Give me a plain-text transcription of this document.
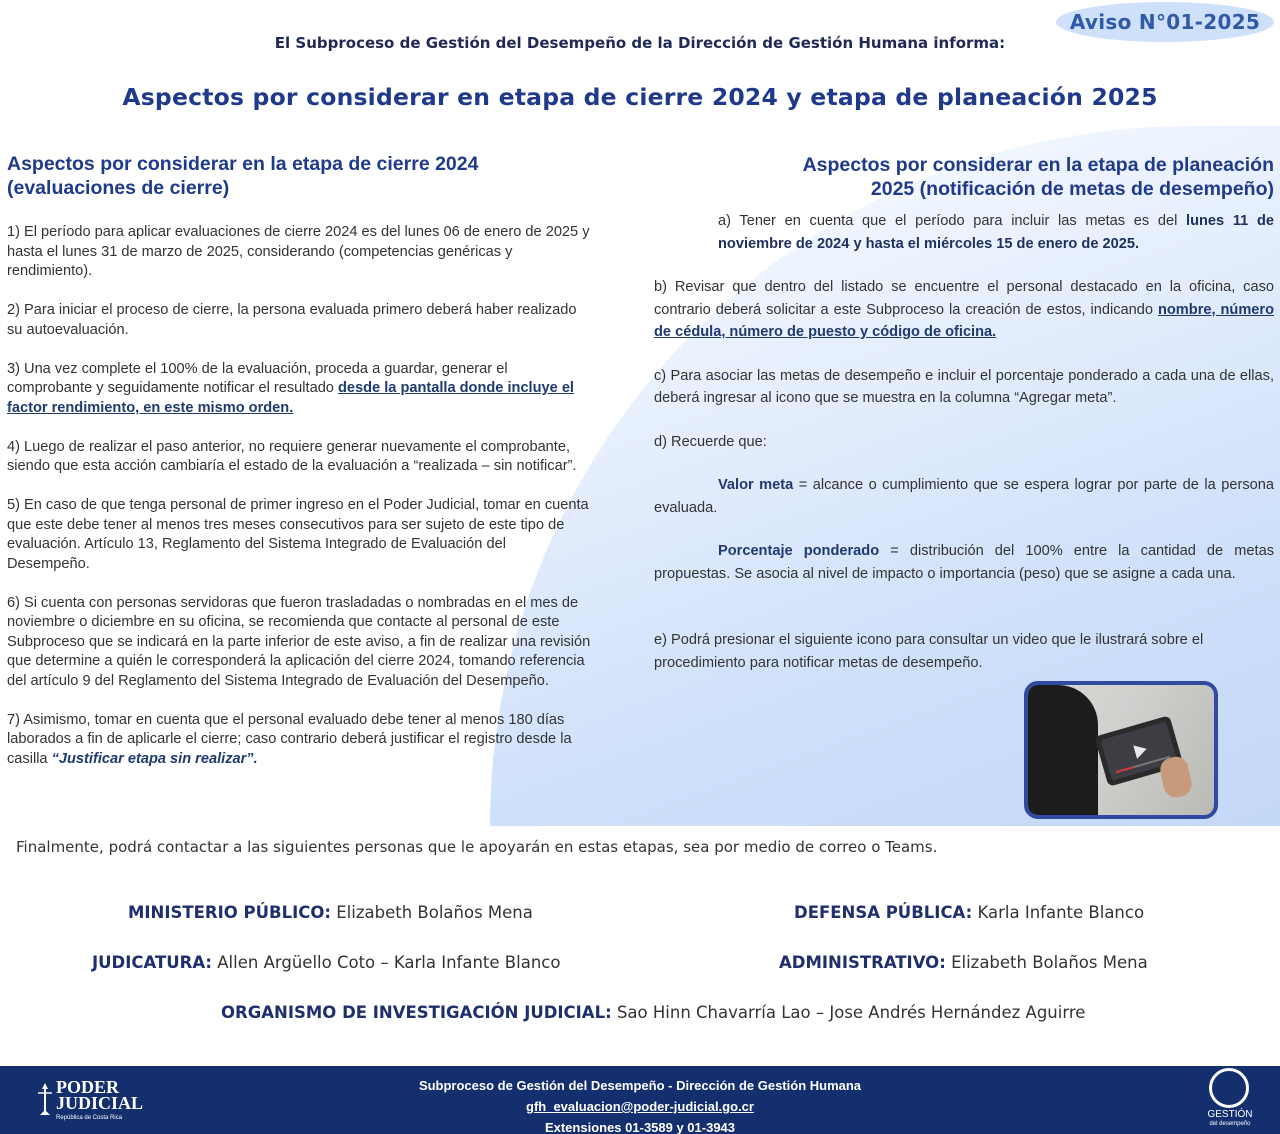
Aviso N°01-2025
El Subproceso de Gestión del Desempeño de la Dirección de Gestión Humana informa:
Aspectos por considerar en etapa de cierre 2024 y etapa de planeación 2025
Aspectos por considerar en la etapa de cierre 2024
(evaluaciones de cierre)

1) El período para aplicar evaluaciones de cierre 2024 es del lunes 06 de enero de 2025 y hasta el lunes 31 de marzo de 2025, considerando (competencias genéricas y rendimiento).

2) Para iniciar el proceso de cierre, la persona evaluada primero deberá haber realizado su autoevaluación.

3) Una vez complete el 100% de la evaluación, proceda a guardar, generar el comprobante y seguidamente notificar el resultado desde la pantalla donde incluye el factor rendimiento, en este mismo orden.

4) Luego de realizar el paso anterior, no requiere generar nuevamente el comprobante, siendo que esta acción cambiaría el estado de la evaluación a “realizada – sin notificar”.

5) En caso de que tenga personal de primer ingreso en el Poder Judicial, tomar en cuenta que este debe tener al menos tres meses consecutivos para ser sujeto de este tipo de evaluación. Artículo 13, Reglamento del Sistema Integrado de Evaluación del Desempeño.

6) Si cuenta con personas servidoras que fueron trasladadas o nombradas en el mes de noviembre o diciembre en su oficina, se recomienda que contacte al personal de este Subproceso que se indicará en la parte inferior de este aviso, a fin de realizar una revisión que determine a quién le corresponderá la aplicación del cierre 2024, tomando referencia del artículo 9 del Reglamento del Sistema Integrado de Evaluación del Desempeño.

7) Asimismo, tomar en cuenta que el personal evaluado debe tener al menos 180 días laborados a fin de aplicarle el cierre; caso contrario deberá justificar el registro desde la casilla “Justificar etapa sin realizar”.

Aspectos por considerar en la etapa de planeación
2025 (notificación de metas de desempeño)

a) Tener en cuenta que el período para incluir las metas es del lunes 11 de noviembre de 2024 y hasta el miércoles 15 de enero de 2025.

b) Revisar que dentro del listado se encuentre el personal destacado en la oficina, caso contrario deberá solicitar a este Subproceso la creación de estos, indicando nombre, número de cédula, número de puesto y código de oficina.

c) Para asociar las metas de desempeño e incluir el porcentaje ponderado a cada una de ellas, deberá ingresar al icono que se muestra en la columna “Agregar meta”.

d) Recuerde que:

Valor meta = alcance o cumplimiento que se espera lograr por parte de la persona evaluada.

Porcentaje ponderado = distribución del 100% entre la cantidad de metas propuestas. Se asocia al nivel de impacto o importancia (peso) que se asigne a cada una.

e) Podrá presionar el siguiente icono para consultar un video que le ilustrará sobre el procedimiento para notificar metas de desempeño.

Finalmente, podrá contactar a las siguientes personas que le apoyarán en estas etapas, sea por medio de correo o Teams.
MINISTERIO PÚBLICO: Elizabeth Bolaños Mena	DEFENSA PÚBLICA: Karla Infante Blanco
JUDICATURA: Allen Argüello Coto – Karla Infante Blanco	ADMINISTRATIVO: Elizabeth Bolaños Mena
ORGANISMO DE INVESTIGACIÓN JUDICIAL: Sao Hinn Chavarría Lao – Jose Andrés Hernández Aguirre
PODER
JUDICIAL
República de Costa Rica
Subproceso de Gestión del Desempeño - Dirección de Gestión Humana
gfh_evaluacion@poder-judicial.go.cr
Extensiones 01-3589 y 01-3943
GESTIÓN
del desempeño
